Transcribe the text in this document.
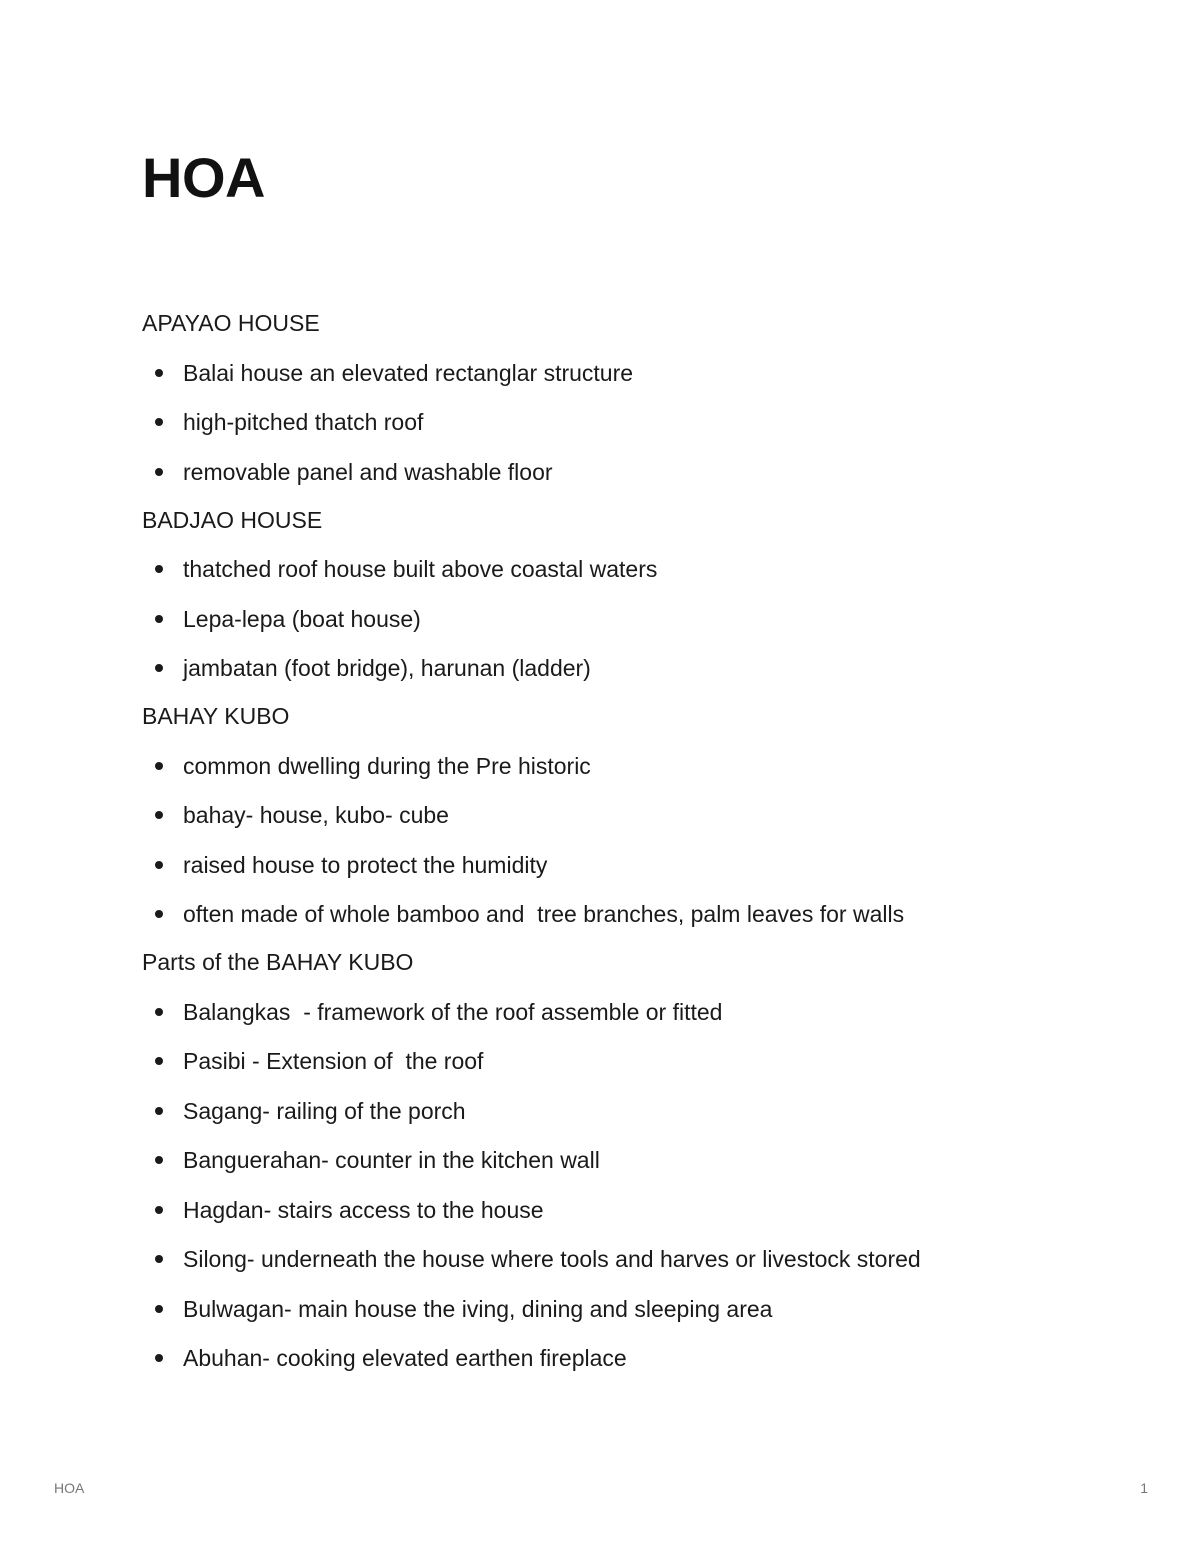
HOA

APAYAO HOUSE

Balai house an elevated rectanglar structure
high-pitched thatch roof
removable panel and washable floor

BADJAO HOUSE

thatched roof house built above coastal waters
Lepa-lepa (boat house)
jambatan (foot bridge), harunan (ladder)

BAHAY KUBO

common dwelling during the Pre historic
bahay- house, kubo- cube
raised house to protect the humidity
often made of whole bamboo and  tree branches, palm leaves for walls

Parts of the BAHAY KUBO

Balangkas  - framework of the roof assemble or fitted
Pasibi - Extension of  the roof
Sagang- railing of the porch
Banguerahan- counter in the kitchen wall
Hagdan- stairs access to the house
Silong- underneath the house where tools and harves or livestock stored
Bulwagan- main house the iving, dining and sleeping area
Abuhan- cooking elevated earthen fireplace
HOA	1
